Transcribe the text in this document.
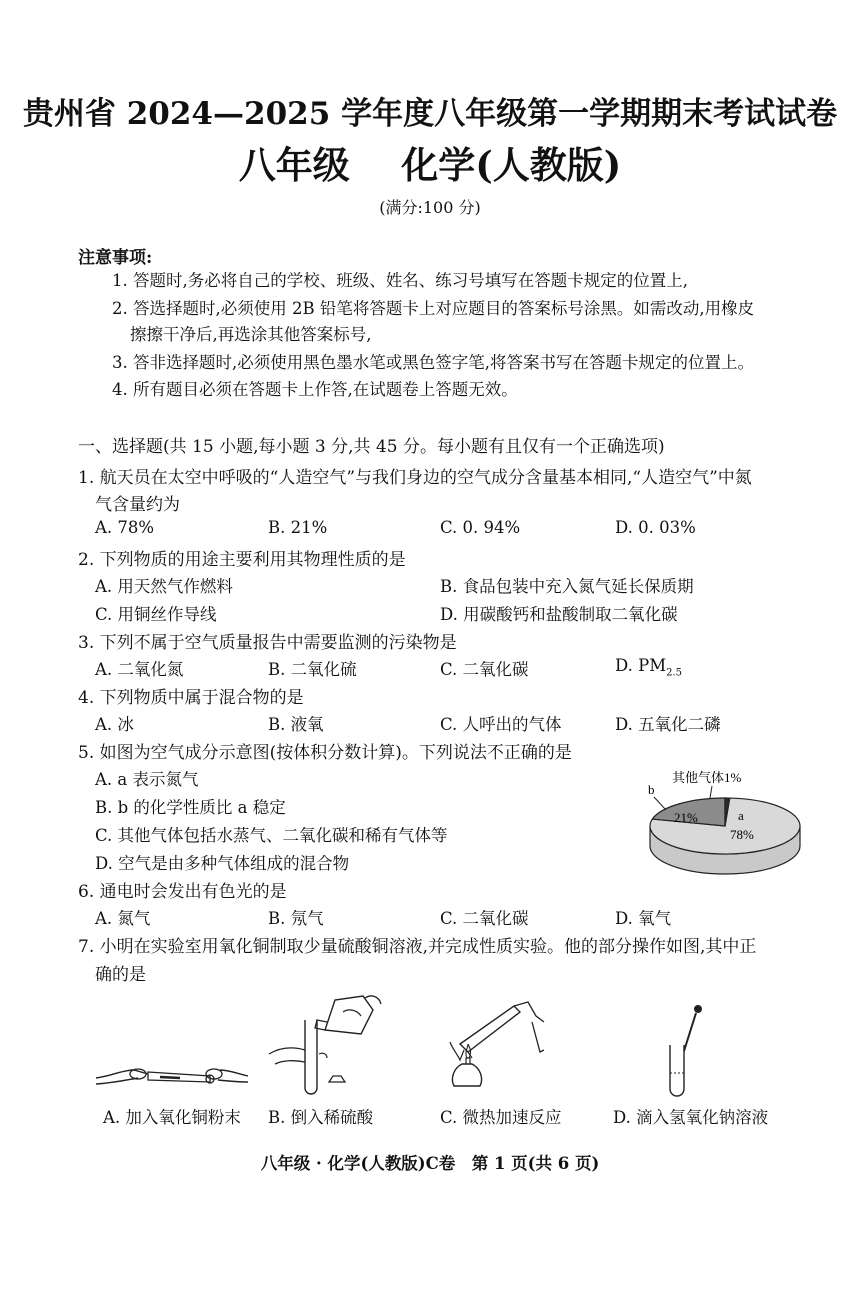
贵州省 2024—2025 学年度八年级第一学期期末考试试卷
八年级 化学(人教版)
(满分:100 分)
注意事项:
1. 答题时,务必将自己的学校、班级、姓名、练习号填写在答题卡规定的位置上,
2. 答选择题时,必须使用 2B 铅笔将答题卡上对应题目的答案标号涂黑。如需改动,用橡皮
擦擦干净后,再选涂其他答案标号,
3. 答非选择题时,必须使用黑色墨水笔或黑色签字笔,将答案书写在答题卡规定的位置上。
4. 所有题目必须在答题卡上作答,在试题卷上答题无效。
一、选择题(共 15 小题,每小题 3 分,共 45 分。每小题有且仅有一个正确选项)
1. 航天员在太空中呼吸的“人造空气”与我们身边的空气成分含量基本相同,“人造空气”中氮
气含量约为
A. 78%	B. 21%	C. 0. 94%	D. 0. 03%
2. 下列物质的用途主要利用其物理性质的是
A. 用天然气作燃料	B. 食品包装中充入氮气延长保质期
C. 用铜丝作导线	D. 用碳酸钙和盐酸制取二氧化碳
3. 下列不属于空气质量报告中需要监测的污染物是
A. 二氧化氮	B. 二氧化硫	C. 二氧化碳	D. $PM_{2.5}$
4. 下列物质中属于混合物的是
A. 冰	B. 液氧	C. 人呼出的气体	D. 五氧化二磷
5. 如图为空气成分示意图(按体积分数计算)。下列说法不正确的是
A. a 表示氮气
B. b 的化学性质比 a 稳定
C. 其他气体包括水蒸气、二氧化碳和稀有气体等
D. 空气是由多种气体组成的混合物
21%	a
78%
其他气体1%
b
6. 通电时会发出有色光的是
A. 氮气	B. 氖气	C. 二氧化碳	D. 氧气
7. 小明在实验室用氧化铜制取少量硫酸铜溶液,并完成性质实验。他的部分操作如图,其中正
确的是
A. 加入氧化铜粉末 B. 倒入稀硫酸	C. 微热加速反应	D. 滴入氢氧化钠溶液
八年级 · 化学(人教版)C卷　第 1 页(共 6 页)
